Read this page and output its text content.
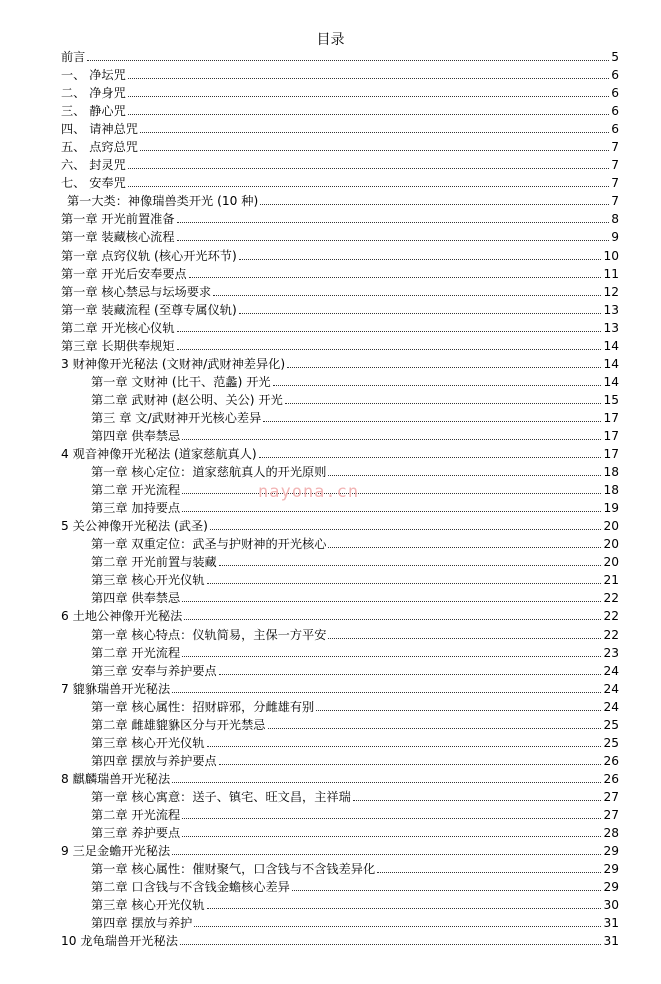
目录
前言	5
一、 净坛咒	6
二、 净身咒	6
三、 静心咒	6
四、 请神总咒	6
五、 点窍总咒	7
六、 封灵咒	7
七、 安奉咒	7
第一大类：神像瑞兽类开光 (10 种)	7
第一章 开光前置准备	8
第一章 装藏核心流程	9
第一章 点窍仪轨 (核心开光环节)	10
第一章 开光后安奉要点	11
第一章 核心禁忌与坛场要求	12
第一章 装藏流程 (至尊专属仪轨)	13
第二章 开光核心仪轨	13
第三章 长期供奉规矩	14
3 财神像开光秘法 (文财神/武财神差异化)	14
第一章 文财神 (比干、范蠡) 开光	14
第二章 武财神 (赵公明、关公) 开光	15
第三 章 文/武财神开光核心差异	17
第四章 供奉禁忌	17
4 观音神像开光秘法 (道家慈航真人)	17
第一章 核心定位：道家慈航真人的开光原则	18
第二章 开光流程	18
第三章 加持要点	19
5 关公神像开光秘法 (武圣)	20
第一章 双重定位：武圣与护财神的开光核心	20
第二章 开光前置与装藏	20
第三章 核心开光仪轨	21
第四章 供奉禁忌	22
6 土地公神像开光秘法	22
第一章 核心特点：仪轨简易，主保一方平安	22
第二章 开光流程	23
第三章 安奉与养护要点	24
7 貔貅瑞兽开光秘法	24
第一章 核心属性：招财辟邪，分雌雄有别	24
第二章 雌雄貔貅区分与开光禁忌	25
第三章 核心开光仪轨	25
第四章 摆放与养护要点	26
8 麒麟瑞兽开光秘法	26
第一章 核心寓意：送子、镇宅、旺文昌，主祥瑞	27
第二章 开光流程	27
第三章 养护要点	28
9 三足金蟾开光秘法	29
第一章 核心属性：催财聚气，口含钱与不含钱差异化	29
第二章 口含钱与不含钱金蟾核心差异	29
第三章 核心开光仪轨	30
第四章 摆放与养护	31
10 龙龟瑞兽开光秘法	31
nayona.cn
